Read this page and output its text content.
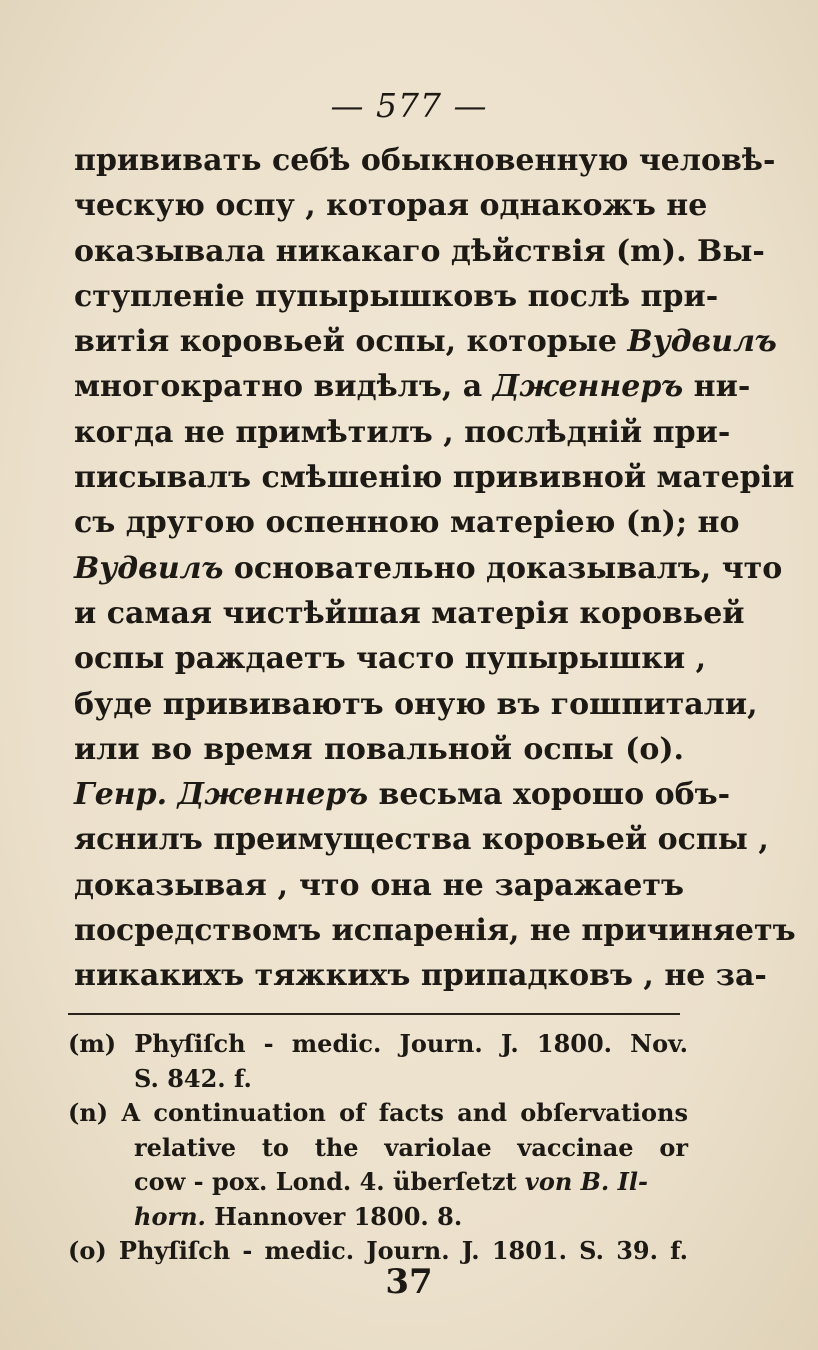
— 577 —
прививать себѣ обыкновенную человѣ-
ческую оспу , которая однакожъ не
оказывала никакаго дѣйствія (m). Вы-
ступленіе пупырышковъ послѣ при-
витія коровьей оспы, которые Вудвилъ
многократно видѣлъ, а Дженнеръ ни-
когда не примѣтилъ , послѣдній при-
писывалъ смѣшенію прививной матеріи
съ другою оспенною матеріею (n); но
Вудвилъ основательно доказывалъ, что
и самая чистѣйшая матерія коровьей
оспы раждаетъ часто пупырышки ,
буде прививаютъ оную въ гошпитали,
или во время повальной оспы (o).
Генр. Дженнеръ весьма хорошо объ-
яснилъ преимущества коровьей оспы ,
доказывая , что она не заражаетъ
посредствомъ испаренія, не причиняетъ
никакихъ тяжкихъ припадковъ , не за-
(m) Phyſiſch - medic. Journ. J. 1800. Nov.
S. 842. f.
(n) A continuation of facts and obſervations
relative to the variolae vaccinae or
cow - pox. Lond. 4. überſetzt von B. Il-
horn. Hannover 1800. 8.
(o) Phyſiſch - medic. Journ. J. 1801. S. 39. f.
37
